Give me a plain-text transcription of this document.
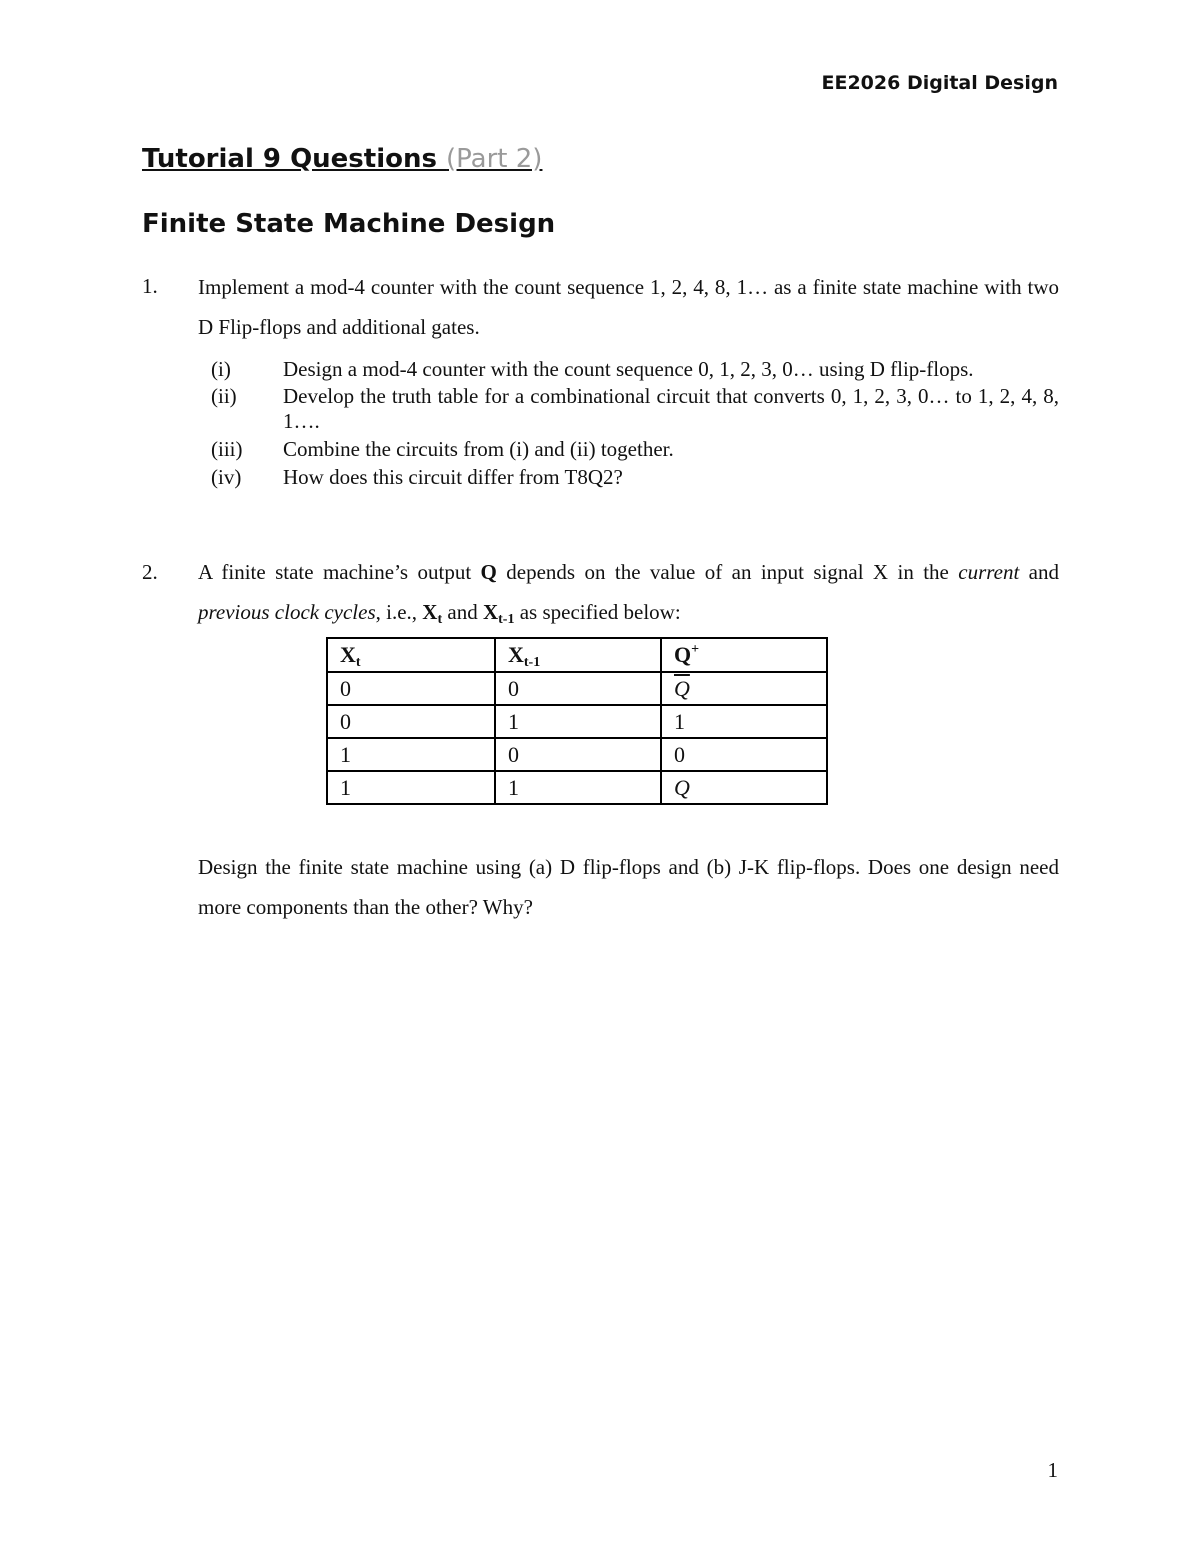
EE2026 Digital Design
Tutorial 9 Questions (Part 2)
Finite State Machine Design
1. Implement a mod-4 counter with the count sequence 1, 2, 4, 8, 1… as a finite state machine with two D Flip-flops and additional gates.
(i) Design a mod-4 counter with the count sequence 0, 1, 2, 3, 0… using D flip-flops.
(ii) Develop the truth table for a combinational circuit that converts 0, 1, 2, 3, 0… to 1, 2, 4, 8, 1….
(iii) Combine the circuits from (i) and (ii) together.
(iv) How does this circuit differ from T8Q2?
2. A finite state machine’s output Q depends on the value of an input signal X in the current and previous clock cycles, i.e., $X_t$ and $X_{t-1}$ as specified below:
$X_t$	$X_{t-1}$	Q+
0	0	$\overline{Q}$
0	1	1
1	0	0
1	1	Q
Design the finite state machine using (a) D flip-flops and (b) J-K flip-flops. Does one design need more components than the other? Why?
1
